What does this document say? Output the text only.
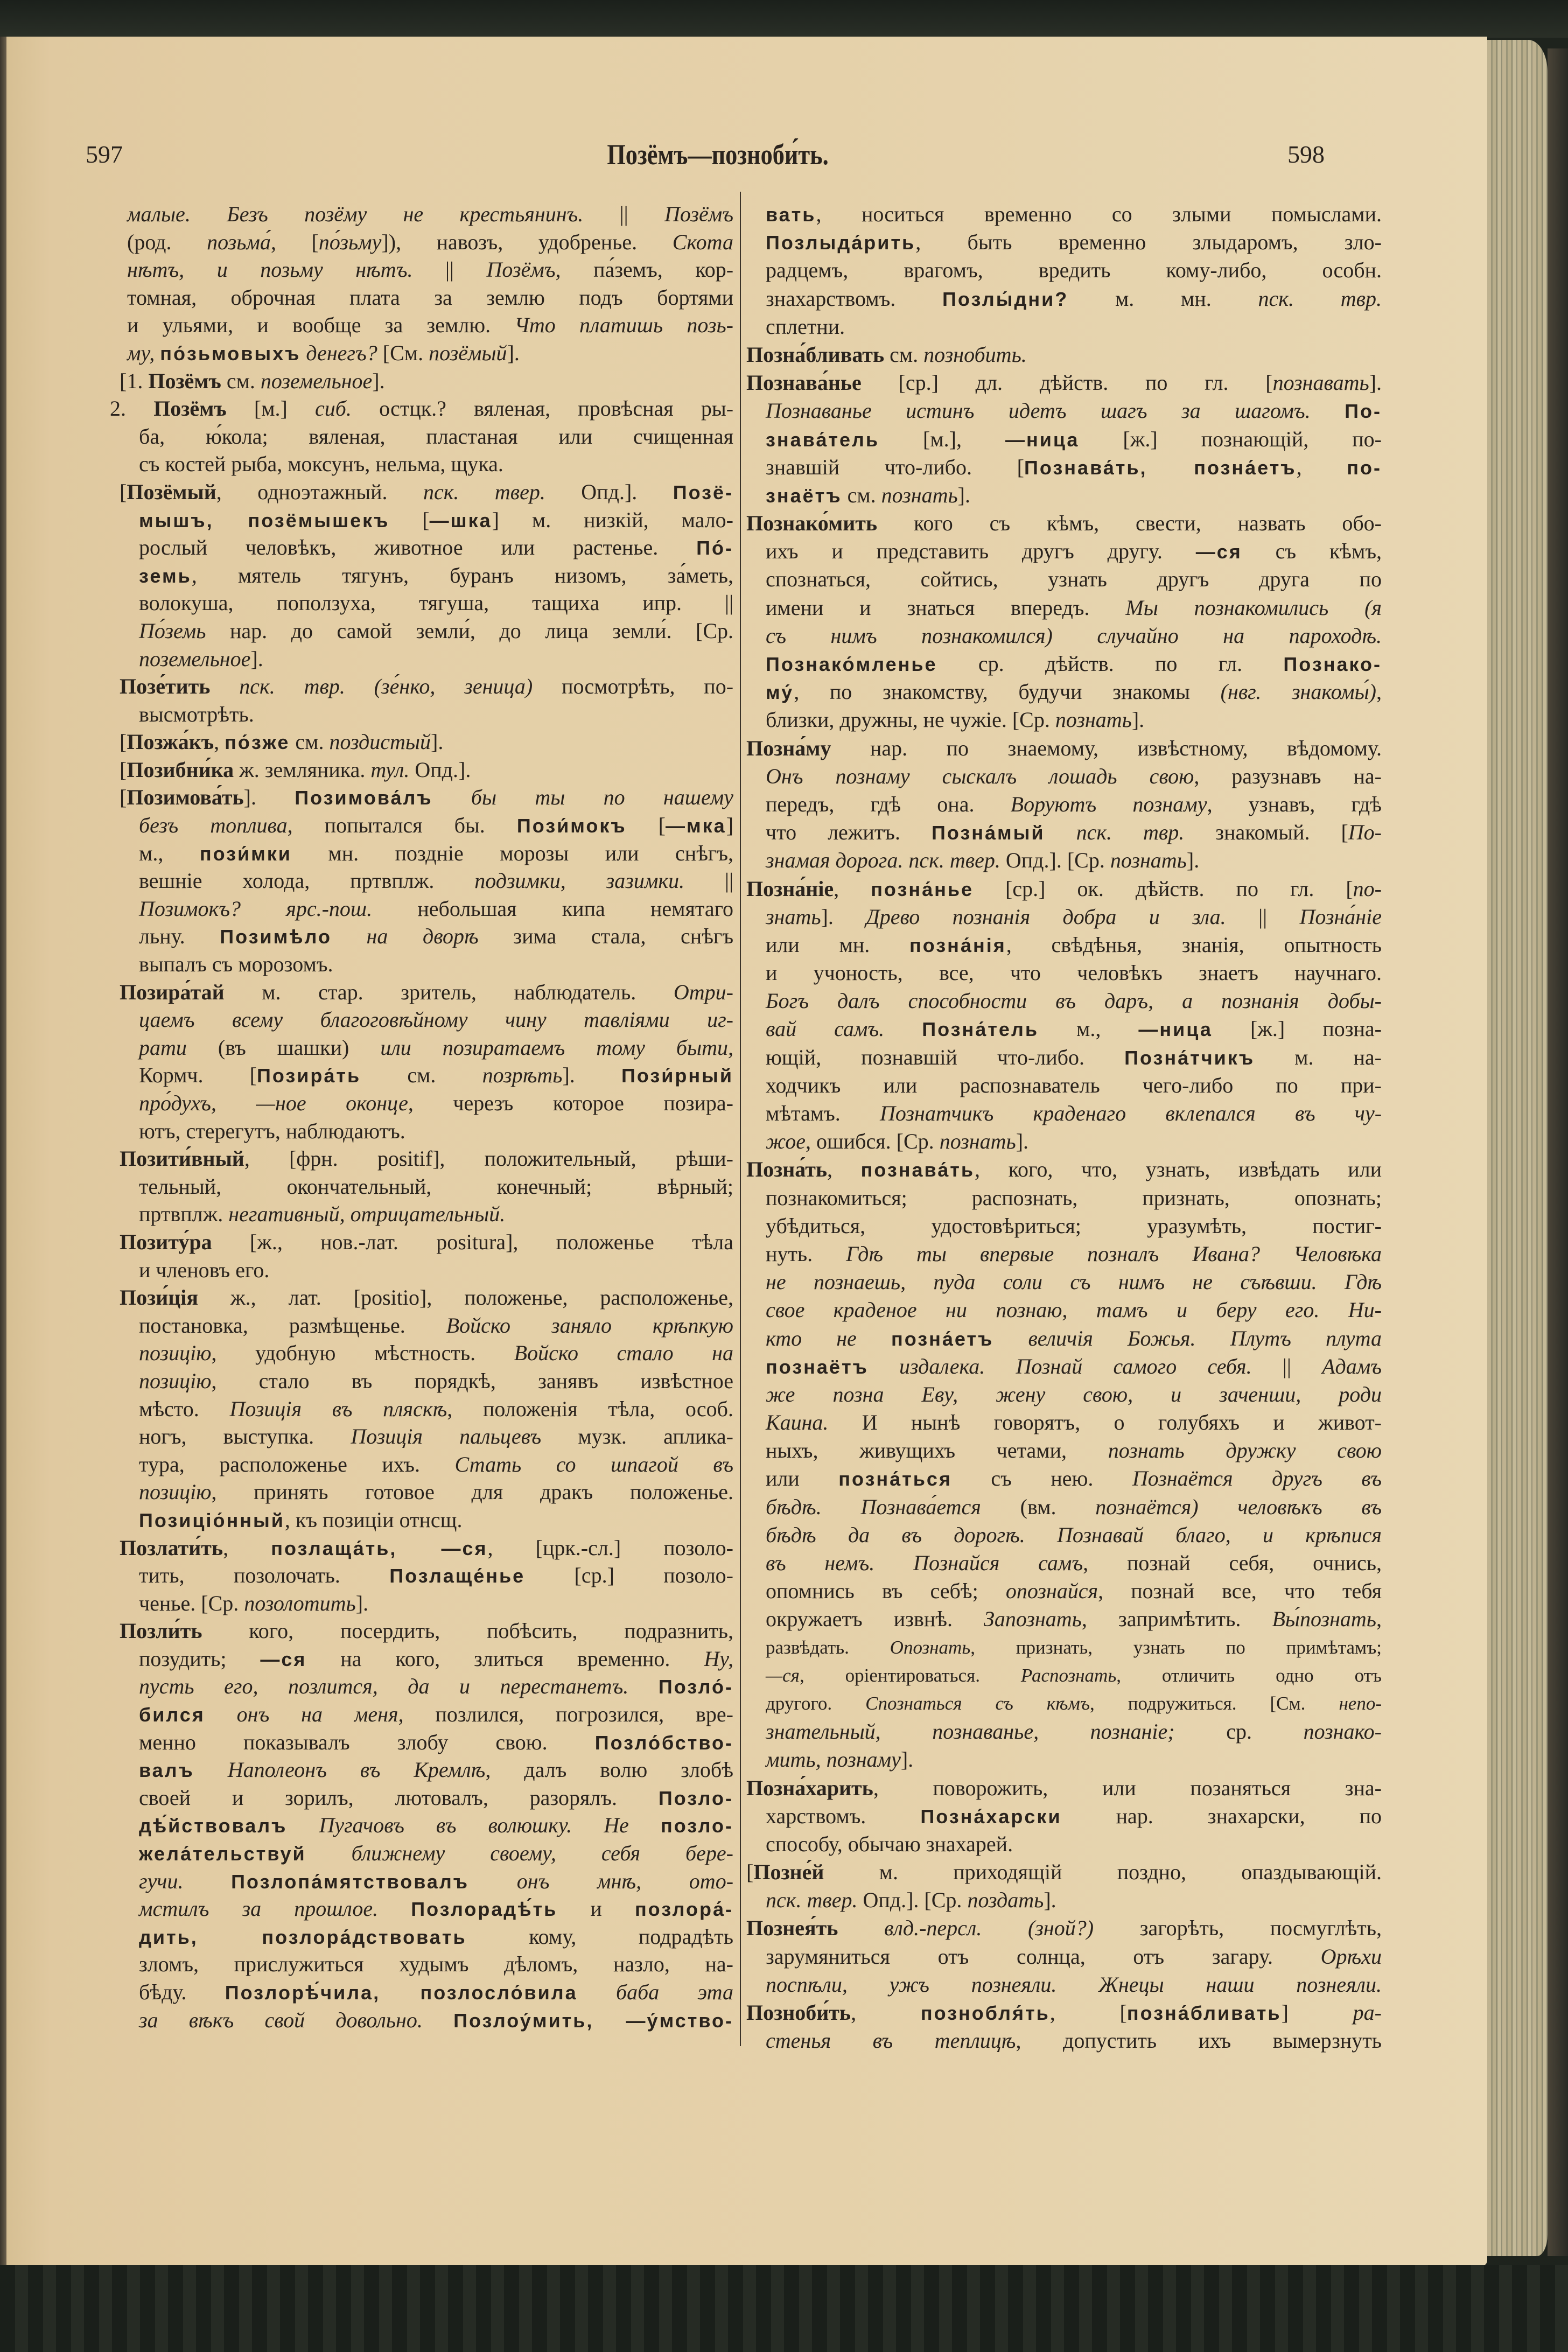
597	Позёмъ—позноби́ть.	598
малые. Безъ позёму не крестьянинъ. || Позёмъ
(род. позьма́, [по́зьму]), навозъ, удобренье. Скота
нѣтъ, и позьму нѣтъ. || Позёмъ, па́земъ, кор-
томная, оброчная плата за землю подъ бортями
и ульями, и вообще за землю. Что платишь позь-
му, по́зьмовыхъ денегъ? [См. позёмый].
[1. Позёмъ см. поземельное].
2. Позёмъ [м.] сиб. остцк.? вяленая, провѣсная ры-
ба, ю́кола; вяленая, пластаная или счищенная
съ костей рыба, моксунъ, нельма, щука.
[Позёмый, одноэтажный. пск. твер. Опд.]. Позё-
мышъ, позёмышекъ [—шка] м. низкій, мало-
рослый человѣкъ, животное или растенье. По́-
земь, мятель тягунъ, буранъ низомъ, за́меть,
волокуша, поползуха, тягуша, тащиха ипр. ||
По́земь нар. до самой земли́, до лица земли́. [Ср.
поземельное].
Позе́тить пск. твр. (зе́нко, зеница) посмотрѣть, по-
высмотрѣть.
[Позжа́къ, по́зже см. поздистый].
[Позибни́ка ж. земляника. тул. Опд.].
[Позимова́ть]. Позимова́лъ бы ты по нашему
безъ топлива, попытался бы. Пози́мокъ [—мка]
м., пози́мки мн. поздніе морозы или снѣгъ,
вешніе холода, пртвплж. подзимки, зазимки. ||
Позимокъ? ярс.-пош. небольшая кипа немятаго
льну. Позимѣло на дворѣ зима стала, снѣгъ
выпалъ съ морозомъ.
Позира́тай м. стар. зритель, наблюдатель. Отри-
цаемъ всему благоговѣйному чину тавліями иг-
рати (въ шашки) или позиратаемъ тому быти,
Кормч. [Позира́ть см. позрѣть]. Пози́рный
про́духъ, —ное оконце, черезъ которое позира-
ютъ, стерегутъ, наблюдаютъ.
Позити́вный, [фрн. positif], положительный, рѣши-
тельный, окончательный, конечный; вѣрный;
пртвплж. негативный, отрицательный.
Позиту́ра [ж., нов.-лат. positura], положенье тѣла
и членовъ его.
Пози́ція ж., лат. [positio], положенье, расположенье,
постановка, размѣщенье. Войско заняло крѣпкую
позицію, удобную мѣстность. Войско стало на
позицію, стало въ порядкѣ, занявъ извѣстное
мѣсто. Позиція въ пляскѣ, положенія тѣла, особ.
ногъ, выступка. Позиція пальцевъ музк. аплика-
тура, расположенье ихъ. Стать со шпагой въ
позицію, принять готовое для дракъ положенье.
Позиціо́нный, къ позиціи отнсщ.
Позлати́ть, позлаща́ть, —ся, [црк.-сл.] позоло-
тить, позолочать. Позлаще́нье [ср.] позоло-
ченье. [Ср. позолотить].
Позли́ть кого, посердить, побѣсить, подразнить,
позудить; —ся на кого, злиться временно. Ну,
пусть его, позлится, да и перестанетъ. Позло́-
бился онъ на меня, позлился, погрозился, вре-
менно показывалъ злобу свою. Позло́бство-
валъ Наполеонъ въ Кремлѣ, далъ волю злобѣ
своей и зорилъ, лютовалъ, разорялъ. Позло-
дѣ́йствовалъ Пугачовъ въ волюшку. Не позло-
жела́тельствуй ближнему своему, себя бере-
гучи. Позлопа́мятствовалъ онъ мнѣ, ото-
мстилъ за прошлое. Позлорадѣ́ть и позлора́-
дить, позлора́дствовать кому, подрадѣть
зломъ, прислужиться худымъ дѣломъ, назло, на-
бѣду. Позлорѣ́чила, позлосло́вила баба эта
за вѣкъ свой довольно. Позлоу́мить, —у́мство-
вать, носиться временно со злыми помыслами.
Позлыда́рить, быть временно злыдаромъ, зло-
радцемъ, врагомъ, вредить кому-либо, особн.
знахарствомъ. Позлы́дни? м. мн. пск. твр.
сплетни.
Позна́бливать см. познобить.
Познава́нье [ср.] дл. дѣйств. по гл. [познавать].
Познаванье истинъ идетъ шагъ за шагомъ. По-
знава́тель [м.], —ница [ж.] познающій, по-
знавшій что-либо. [Познава́ть, позна́етъ, по-
знаётъ см. познать].
Познако́мить кого съ кѣмъ, свести, назвать обо-
ихъ и представить другъ другу. —ся съ кѣмъ,
спознаться, сойтись, узнать другъ друга по
имени и знаться впередъ. Мы познакомились (я
съ нимъ познакомился) случайно на пароходѣ.
Познако́мленье ср. дѣйств. по гл. Познако-
му́, по знакомству, будучи знакомы (нвг. знакомы́),
близки, дружны, не чужіе. [Ср. познать].
Позна́му нар. по знаемому, извѣстному, вѣдомому.
Онъ познаму сыскалъ лошадь свою, разузнавъ на-
передъ, гдѣ она. Воруютъ познаму, узнавъ, гдѣ
что лежитъ. Позна́мый пск. твр. знакомый. [По-
знамая дорога. пск. твер. Опд.]. [Ср. познать].
Позна́ніе, позна́нье [ср.] ок. дѣйств. по гл. [по-
знать]. Древо познанія добра и зла. || Позна́ніе
или мн. позна́нія, свѣдѣнья, знанія, опытность
и учоность, все, что человѣкъ знаетъ научнаго.
Богъ далъ способности въ даръ, а познанія добы-
вай самъ. Позна́тель м., —ница [ж.] позна-
ющій, познавшій что-либо. Позна́тчикъ м. на-
ходчикъ или распознаватель чего-либо по при-
мѣтамъ. Познатчикъ краденаго вклепался въ чу-
жое, ошибся. [Ср. познать].
Позна́ть, познава́ть, кого, что, узнать, извѣдать или
познакомиться; распознать, признать, опознать;
убѣдиться, удостовѣриться; уразумѣть, постиг-
нуть. Гдѣ ты впервые позналъ Ивана? Человѣка
не познаешь, пуда соли съ нимъ не съѣвши. Гдѣ
свое краденое ни познаю, тамъ и беру его. Ни-
кто не позна́етъ величія Божья. Плутъ плута
познаётъ издалека. Познай самого себя. || Адамъ
же позна Еву, жену свою, и заченши, роди
Каина. И нынѣ говорятъ, о голубяхъ и живот-
ныхъ, живущихъ четами, познать дружку свою
или позна́ться съ нею. Познаётся другъ въ
бѣдѣ. Познава́ется (вм. познаётся) человѣкъ въ
бѣдѣ да въ дорогѣ. Познавай благо, и крѣпися
въ немъ. Познайся самъ, познай себя, очнись,
опомнись въ себѣ; опознайся, познай все, что тебя
окружаетъ извнѣ. Запознать, запримѣтить. Вы́познать,
развѣдать. Опознать, признать, узнать по примѣтамъ;
—ся, оріентироваться. Распознать, отличить одно отъ
другого. Спознаться съ кѣмъ, подружиться. [См. непо-
знательный, познаванье, познаніе; ср. познако-
мить, познаму].
Позна́харить, поворожить, или позаняться зна-
харствомъ. Позна́харски нар. знахарски, по
способу, обычаю знахарей.
[Позне́й м. приходящій поздно, опаздывающій.
пск. твер. Опд.]. [Ср. поздать].
Познея́ть влд.-персл. (зной?) загорѣть, посмуглѣть,
зарумяниться отъ солнца, отъ загару. Орѣхи
поспѣли, ужъ познеяли. Жнецы наши познеяли.
Позноби́ть, познобля́ть, [позна́бливать] ра-
стенья въ теплицѣ, допустить ихъ вымерзнуть
